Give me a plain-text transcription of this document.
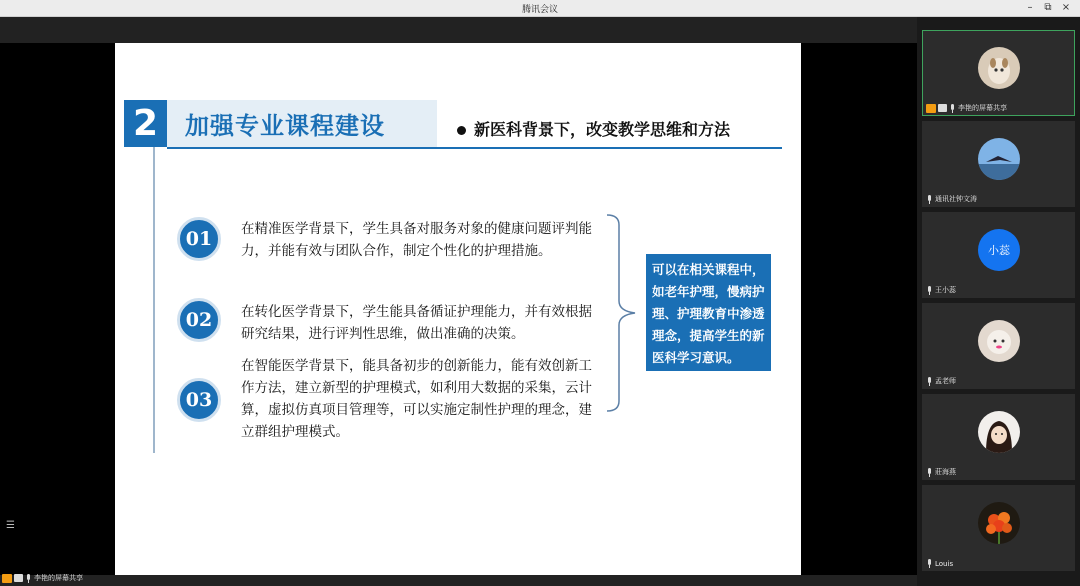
腾讯会议	–	⧉	×
2	加强专业课程建设	新医科背景下，改变教学思维和方法
01	在精准医学背景下，学生具备对服务对象的健康问题评判能力，并能有效与团队合作，制定个性化的护理措施。
02	在转化医学背景下，学生能具备循证护理能力，并有效根据研究结果，进行评判性思维，做出准确的决策。
03
在智能医学背景下，能具备初步的创新能力，能有效创新工作方法，建立新型的护理模式，如利用大数据的采集，云计算，虚拟仿真项目管理等，可以实施定制性护理的理念，建立群组护理模式。
可以在相关课程中，如老年护理，慢病护理、护理教育中渗透理念，提高学生的新医科学习意识。
☰
李艳的屏幕共享
李艳的屏幕共享
通讯社钟文涛
小蕊
王小蕊
孟老师
莊海燕
Louis
